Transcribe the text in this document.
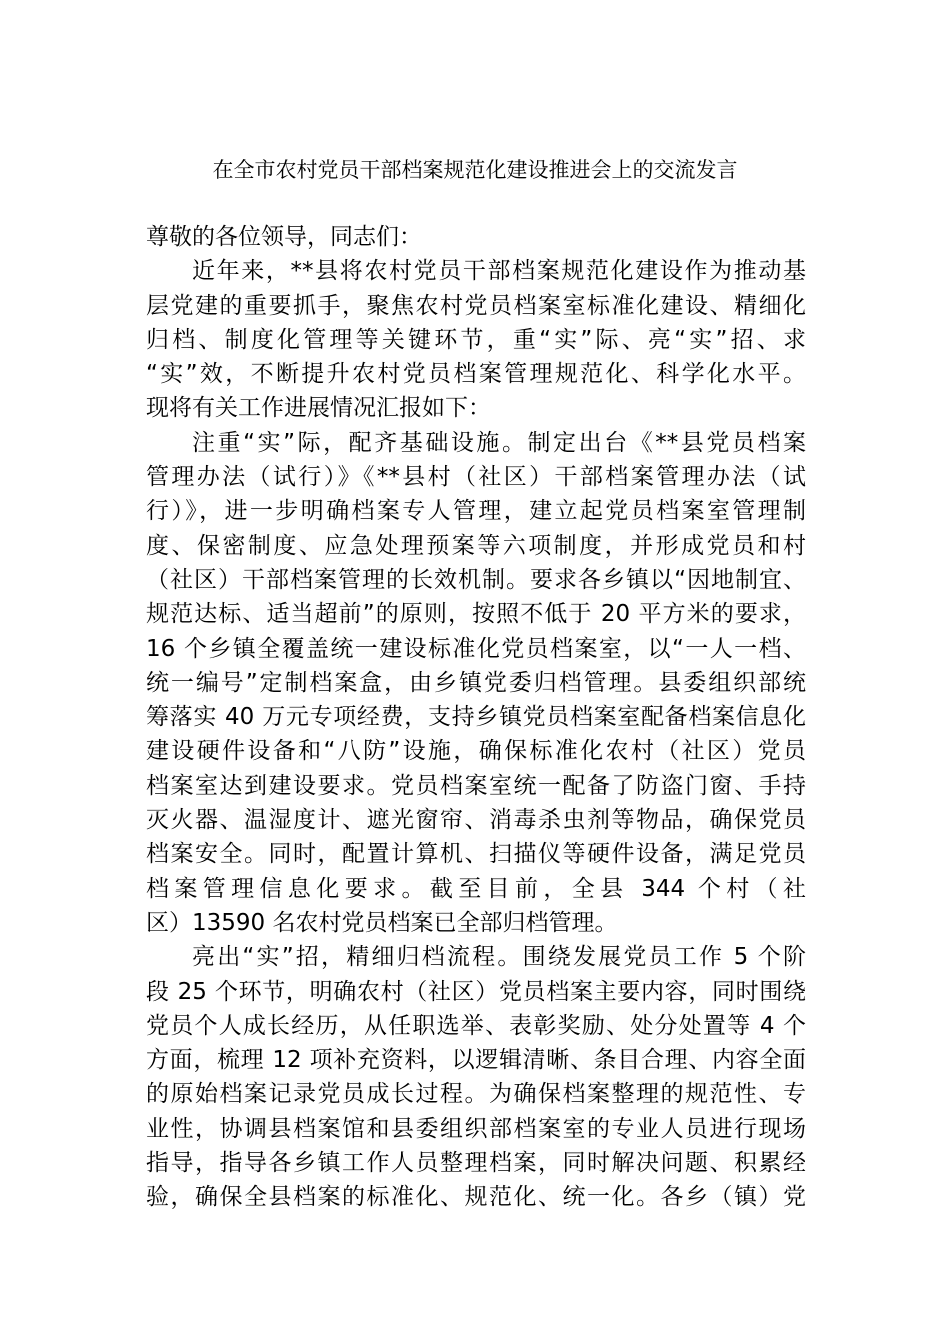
在全市农村党员干部档案规范化建设推进会上的交流发言
尊敬的各位领导，同志们：
近年来，**县将农村党员干部档案规范化建设作为推动基
层党建的重要抓手，聚焦农村党员档案室标准化建设、精细化
归档、制度化管理等关键环节，重“实”际、亮“实”招、求
“实”效，不断提升农村党员档案管理规范化、科学化水平。
现将有关工作进展情况汇报如下：
注重“实”际，配齐基础设施。制定出台《**县党员档案
管理办法（试行）》《**县村（社区）干部档案管理办法（试
行）》，进一步明确档案专人管理，建立起党员档案室管理制
度、保密制度、应急处理预案等六项制度，并形成党员和村
（社区）干部档案管理的长效机制。要求各乡镇以“因地制宜、
规范达标、适当超前”的原则，按照不低于 20 平方米的要求，
16 个乡镇全覆盖统一建设标准化党员档案室，以“一人一档、
统一编号”定制档案盒，由乡镇党委归档管理。县委组织部统
筹落实 40 万元专项经费，支持乡镇党员档案室配备档案信息化
建设硬件设备和“八防”设施，确保标准化农村（社区）党员
档案室达到建设要求。党员档案室统一配备了防盗门窗、手持
灭火器、温湿度计、遮光窗帘、消毒杀虫剂等物品，确保党员
档案安全。同时，配置计算机、扫描仪等硬件设备，满足党员
档案管理信息化要求。截至目前，全县 344 个村（社
区）13590 名农村党员档案已全部归档管理。
亮出“实”招，精细归档流程。围绕发展党员工作 5 个阶
段 25 个环节，明确农村（社区）党员档案主要内容，同时围绕
党员个人成长经历，从任职选举、表彰奖励、处分处置等 4 个
方面，梳理 12 项补充资料，以逻辑清晰、条目合理、内容全面
的原始档案记录党员成长过程。为确保档案整理的规范性、专
业性，协调县档案馆和县委组织部档案室的专业人员进行现场
指导，指导各乡镇工作人员整理档案，同时解决问题、积累经
验，确保全县档案的标准化、规范化、统一化。各乡（镇）党
